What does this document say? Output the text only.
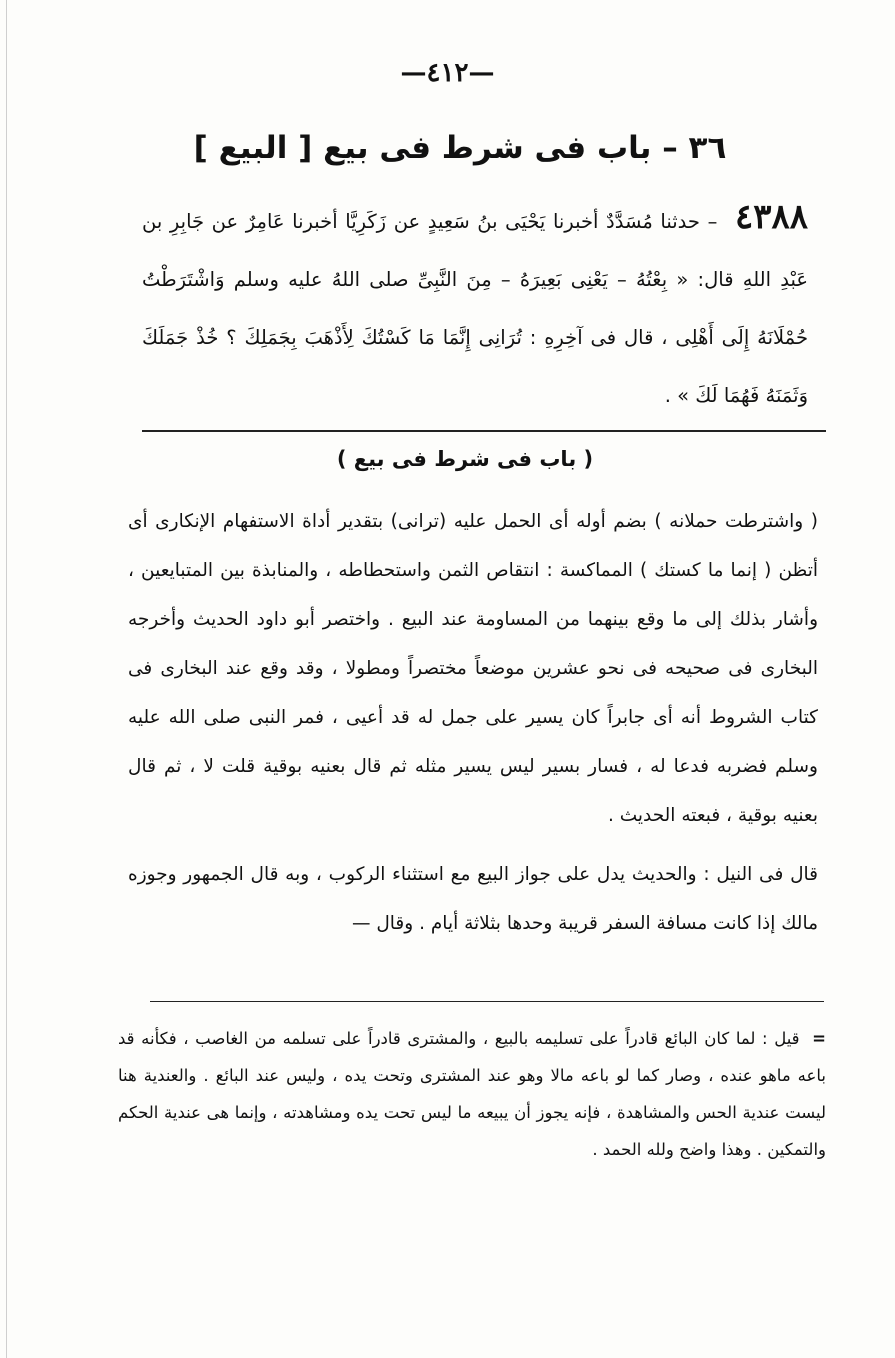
—٤١٢—
٣٦ – باب فى شرط فى بيع [ البيع ]
٤٣٨٨ – حدثنا مُسَدَّدٌ أخبرنا يَحْيَى بنُ سَعِيدٍ عن زَكَرِيَّا أخبرنا عَامِرٌ عن جَابِرِ بن عَبْدِ اللهِ قال: « بِعْتُهُ – يَعْنِى بَعِيرَهُ – مِنَ النَّبِىِّ صلى اللهُ عليه وسلم وَاشْتَرَطْتُ حُمْلَانَهُ إِلَى أَهْلِى ، قال فى آخِرِهِ : تُرَانِى إِنَّمَا مَا كَسْتُكَ لِأَذْهَبَ بِجَمَلِكَ ؟ خُذْ جَمَلَكَ وَثَمَنَهُ فَهُمَا لَكَ » .
( باب فى شرط فى بيع )

( واشترطت حملانه ) بضم أوله أى الحمل عليه (ترانى) بتقدير أداة الاستفهام الإنكارى أى أتظن ( إنما ما كستك ) المماكسة : انتقاص الثمن واستحطاطه ، والمنابذة بين المتبايعين ، وأشار بذلك إلى ما وقع بينهما من المساومة عند البيع . واختصر أبو داود الحديث وأخرجه البخارى فى صحيحه فى نحو عشرين موضعاً مختصراً ومطولا ، وقد وقع عند البخارى فى كتاب الشروط أنه أى جابراً كان يسير على جمل له قد أعيى ، فمر النبى صلى الله عليه وسلم فضربه فدعا له ، فسار بسير ليس يسير مثله ثم قال بعنيه بوقية قلت لا ، ثم قال بعنيه بوقية ، فبعته الحديث .

قال فى النيل : والحديث يدل على جواز البيع مع استثناء الركوب ، وبه قال الجمهور وجوزه مالك إذا كانت مسافة السفر قريبة وحدها بثلاثة أيام . وقال —

= قيل : لما كان البائع قادراً على تسليمه بالبيع ، والمشترى قادراً على تسلمه من الغاصب ، فكأنه قد باعه ماهو عنده ، وصار كما لو باعه مالا وهو عند المشترى وتحت يده ، وليس عند البائع . والعندية هنا ليست عندية الحس والمشاهدة ، فإنه يجوز أن يبيعه ما ليس تحت يده ومشاهدته ، وإنما هى عندية الحكم والتمكين . وهذا واضح ولله الحمد .
